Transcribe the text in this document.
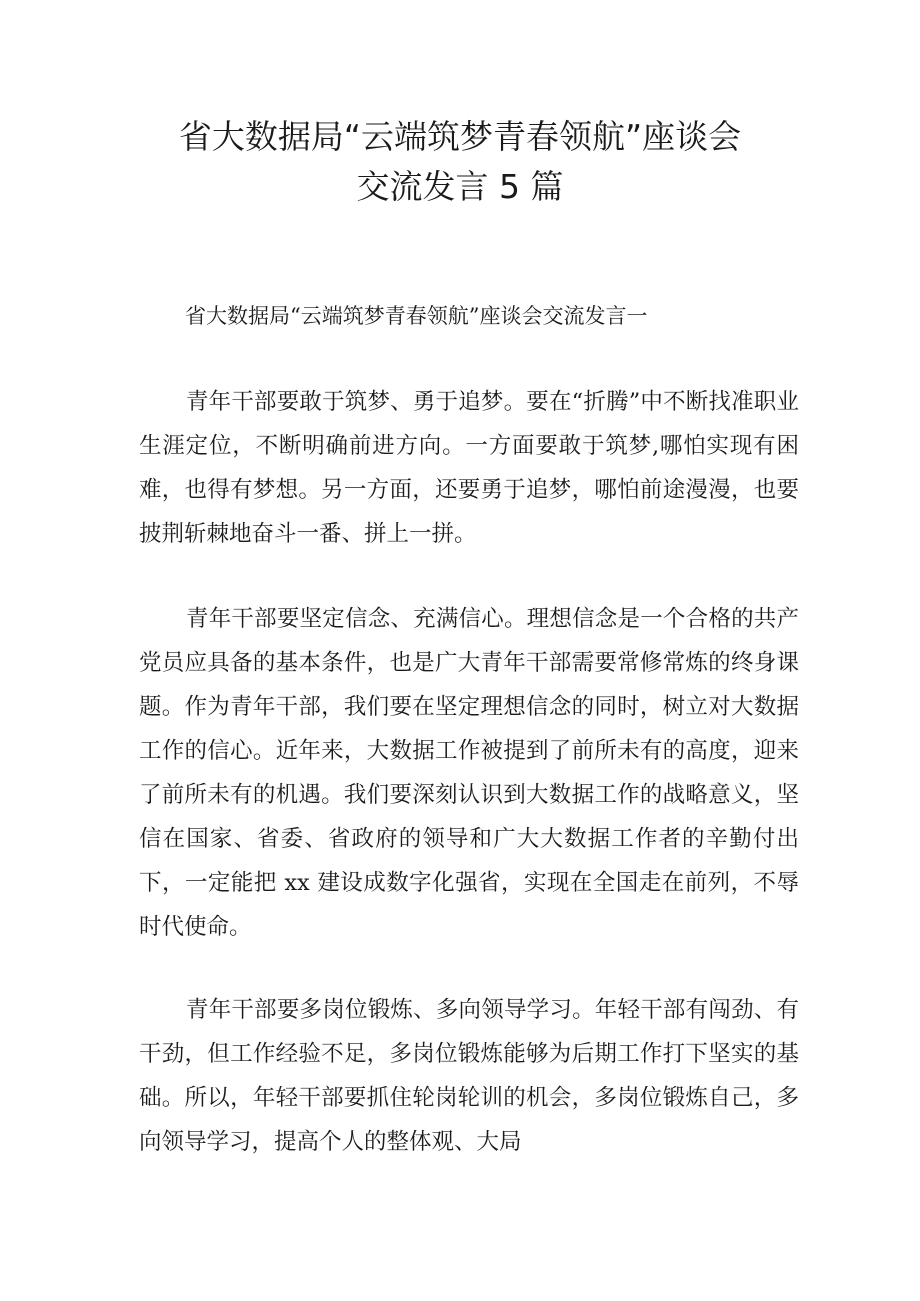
省大数据局“云端筑梦青春领航”座谈会
交流发言 5 篇
省大数据局“云端筑梦青春领航”座谈会交流发言一

青年干部要敢于筑梦、勇于追梦。要在“折腾”中不断找准职业生涯定位，不断明确前进方向。一方面要敢于筑梦,哪怕实现有困难，也得有梦想。另一方面，还要勇于追梦，哪怕前途漫漫，也要披荆斩棘地奋斗一番、拼上一拼。

青年干部要坚定信念、充满信心。理想信念是一个合格的共产党员应具备的基本条件，也是广大青年干部需要常修常炼的终身课题。作为青年干部，我们要在坚定理想信念的同时，树立对大数据工作的信心。近年来，大数据工作被提到了前所未有的高度，迎来了前所未有的机遇。我们要深刻认识到大数据工作的战略意义，坚信在国家、省委、省政府的领导和广大大数据工作者的辛勤付出下，一定能把 xx 建设成数字化强省，实现在全国走在前列，不辱时代使命。

青年干部要多岗位锻炼、多向领导学习。年轻干部有闯劲、有干劲，但工作经验不足，多岗位锻炼能够为后期工作打下坚实的基础。所以，年轻干部要抓住轮岗轮训的机会，多岗位锻炼自己，多向领导学习，提高个人的整体观、大局
